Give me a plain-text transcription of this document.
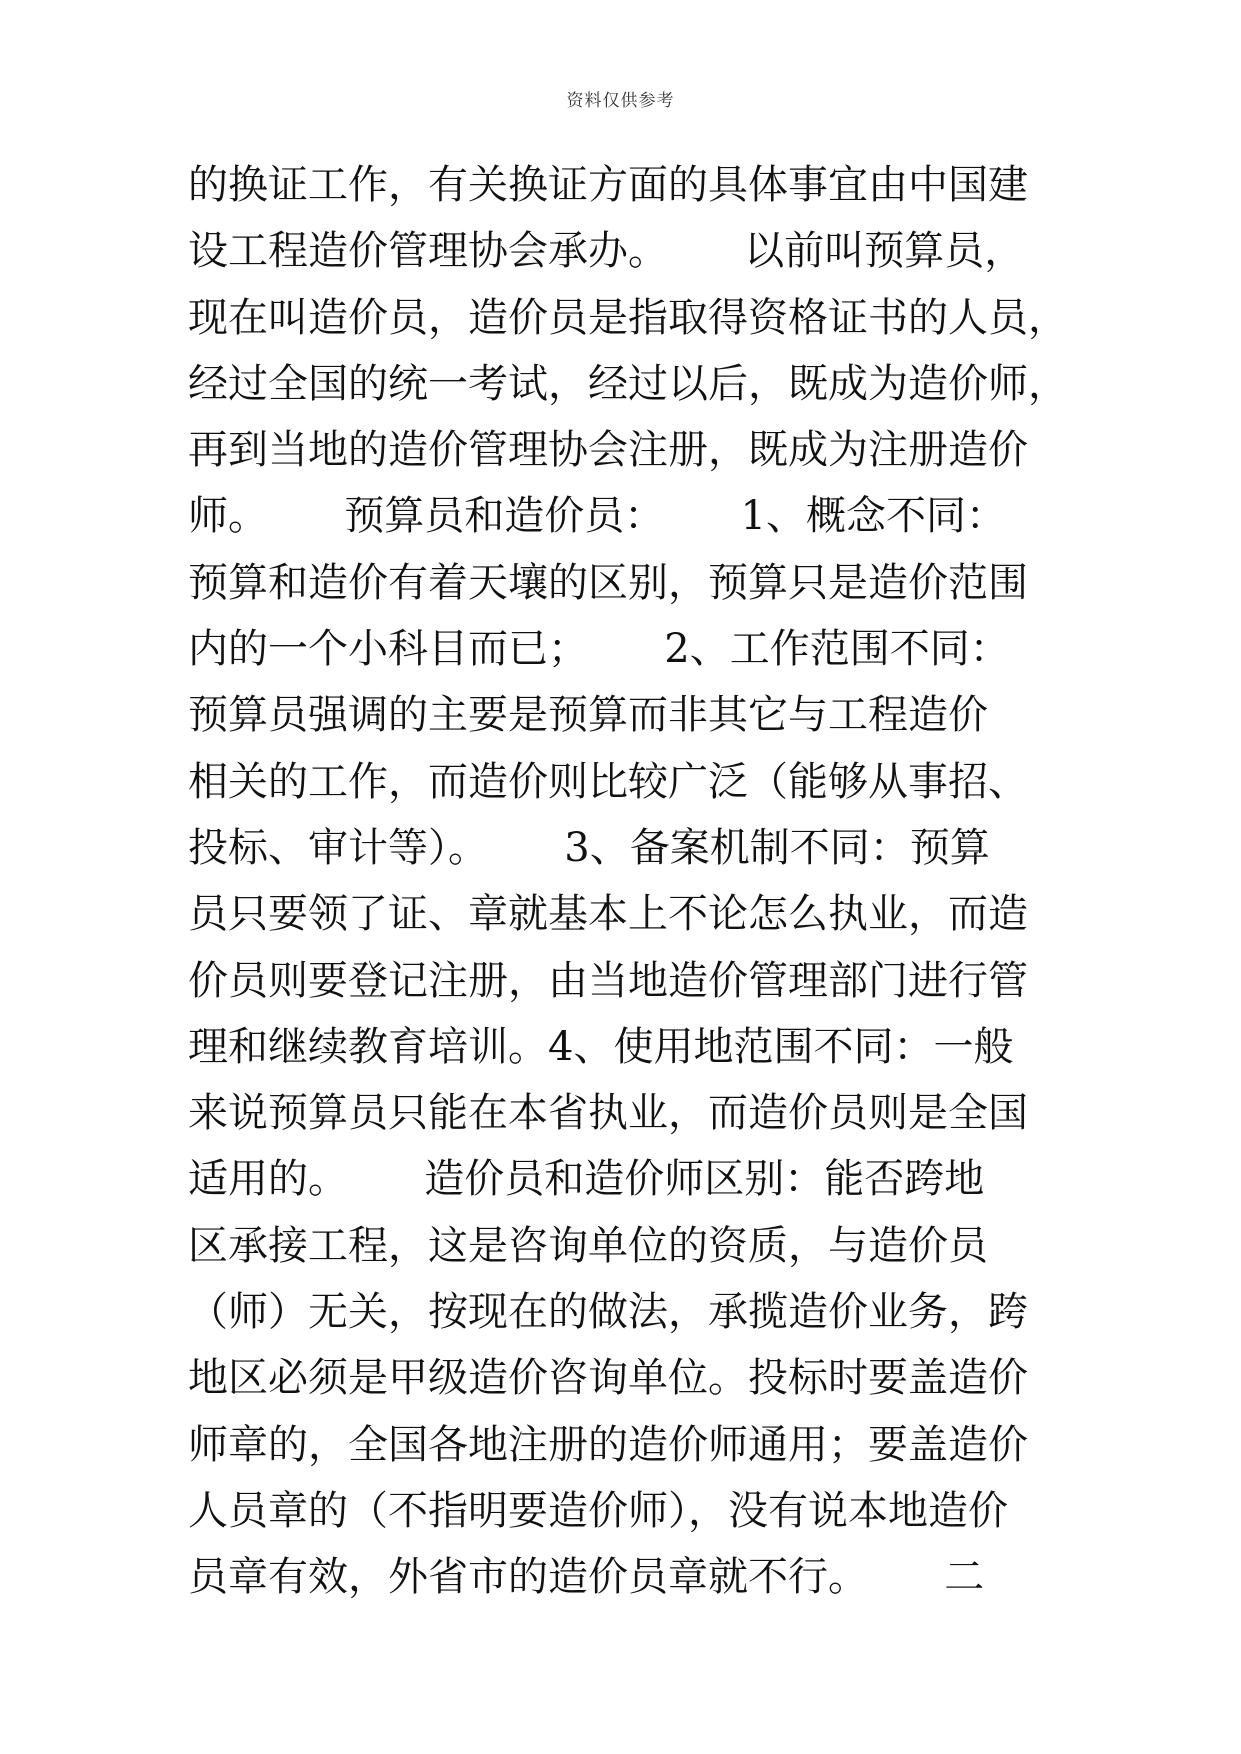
资料仅供参考
的换证工作，有关换证方面的具体事宜由中国建
设工程造价管理协会承办。      以前叫预算员，
现在叫造价员，造价员是指取得资格证书的人员，
经过全国的统一考试，经过以后，既成为造价师，
再到当地的造价管理协会注册，既成为注册造价
师。      预算员和造价员：      1、概念不同：
预算和造价有着天壤的区别，预算只是造价范围
内的一个小科目而已；      2、工作范围不同：
预算员强调的主要是预算而非其它与工程造价
相关的工作，而造价则比较广泛（能够从事招、
投标、审计等）。      3、备案机制不同：预算
员只要领了证、章就基本上不论怎么执业，而造
价员则要登记注册，由当地造价管理部门进行管
理和继续教育培训。4、使用地范围不同：一般
来说预算员只能在本省执业，而造价员则是全国
适用的。      造价员和造价师区别：能否跨地
区承接工程，这是咨询单位的资质，与造价员
（师）无关，按现在的做法，承揽造价业务，跨
地区必须是甲级造价咨询单位。投标时要盖造价
师章的，全国各地注册的造价师通用；要盖造价
人员章的（不指明要造价师），没有说本地造价
员章有效，外省市的造价员章就不行。      二
